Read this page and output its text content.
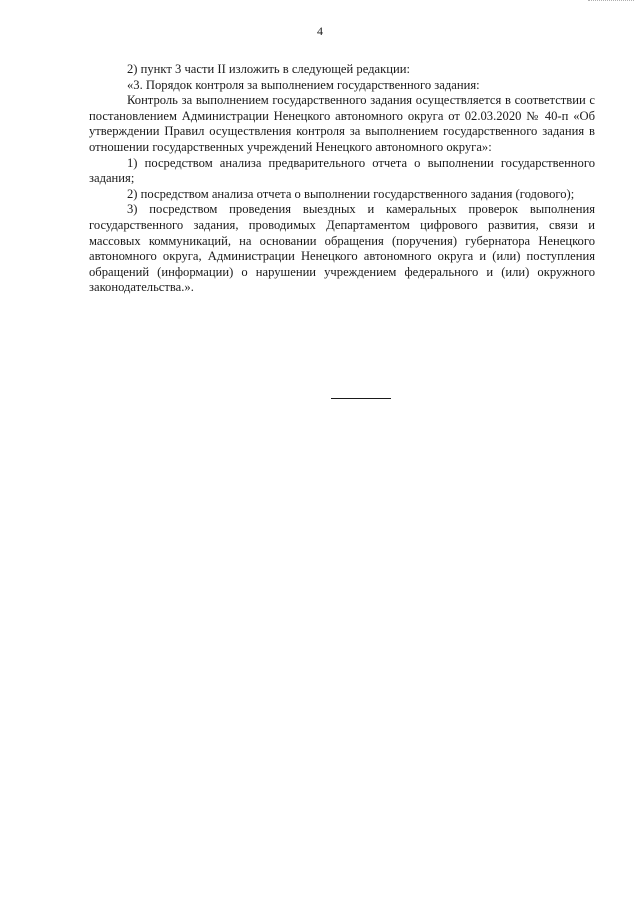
4

2) пункт 3 части II изложить в следующей редакции:

«3. Порядок контроля за выполнением государственного задания:

Контроль за выполнением государственного задания осуществляется в соответствии с постановлением Администрации Ненецкого автономного округа от 02.03.2020 № 40-п «Об утверждении Правил осуществления контроля за выполнением государственного задания в отношении государственных учреждений Ненецкого автономного округа»:

1) посредством анализа предварительного отчета о выполнении государственного задания;

2) посредством анализа отчета о выполнении государственного задания (годового);

3) посредством проведения выездных и камеральных проверок выполнения государственного задания, проводимых Департаментом цифрового развития, связи и массовых коммуникаций, на основании обращения (поручения) губернатора Ненецкого автономного округа, Администрации Ненецкого автономного округа и (или) поступления обращений (информации) о нарушении учреждением федерального и (или) окружного законодательства.».
